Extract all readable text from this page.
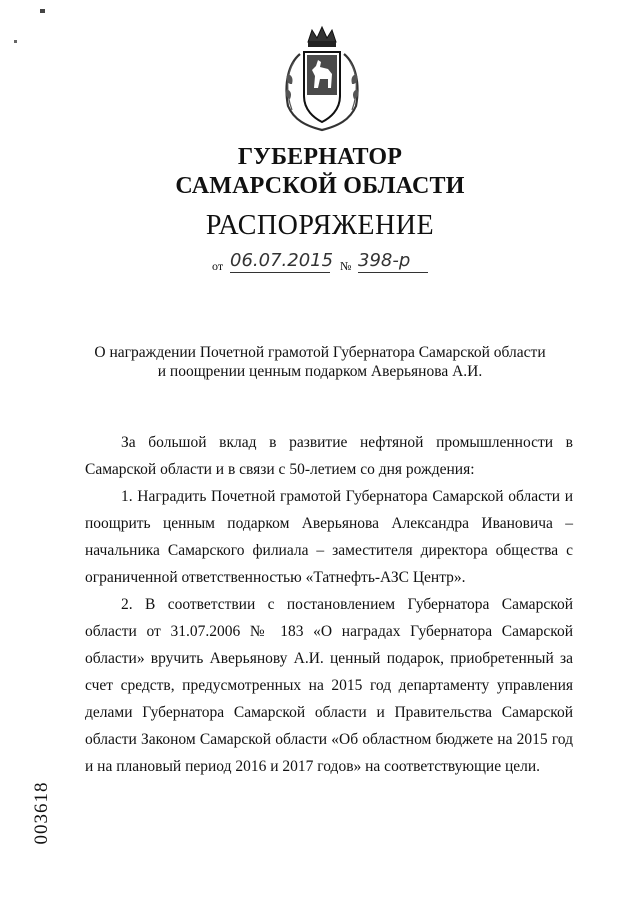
ГУБЕРНАТОР
САМАРСКОЙ ОБЛАСТИ
РАСПОРЯЖЕНИЕ
от 06.07.2015 № 398-р
О награждении Почетной грамотой Губернатора Самарской области
и поощрении ценным подарком Аверьянова А.И.

За большой вклад в развитие нефтяной промышленности в Самарской области и в связи с 50-летием со дня рождения:

1. Наградить Почетной грамотой Губернатора Самарской области и поощрить ценным подарком Аверьянова Александра Ивановича – начальника Самарского филиала – заместителя директора общества с ограниченной ответственностью «Татнефть-АЗС Центр».

2. В соответствии с постановлением Губернатора Самарской области от 31.07.2006 № 183 «О наградах Губернатора Самарской области» вручить Аверьянову А.И. ценный подарок, приобретенный за счет средств, предусмотренных на 2015 год департаменту управления делами Губернатора Самарской области и Правительства Самарской области Законом Самарской области «Об областном бюджете на 2015 год и на плановый период 2016 и 2017 годов» на соответствующие цели.

003618
